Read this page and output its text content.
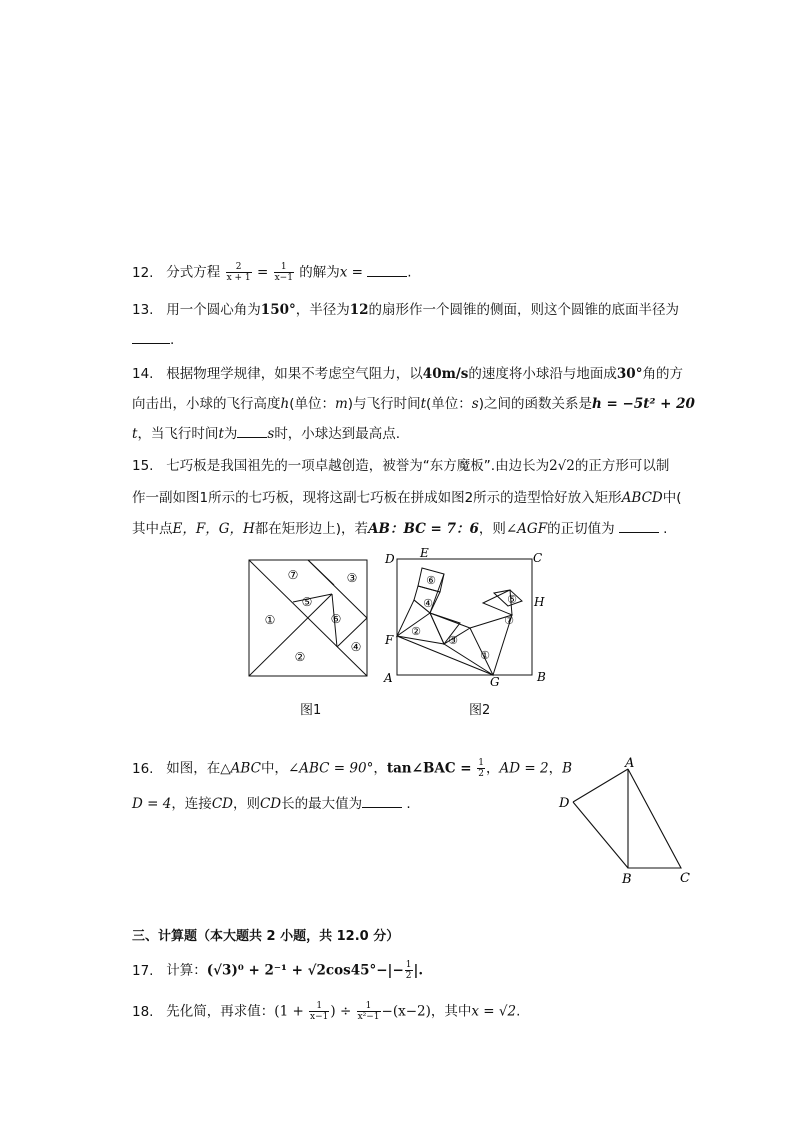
12. 分式方程 $\frac{2}{x + 1} = \frac{1}{x-1}$ 的解为x =	.
13. 用一个圆心角为150°，半径为12的扇形作一个圆锥的侧面，则这个圆锥的底面半径为
.
14. 根据物理学规律，如果不考虑空气阻力，以40m/s的速度将小球沿与地面成30°角的方
向击出，小球的飞行高度h(单位：m)与飞行时间t(单位：s)之间的函数关系是h = −5t² + 20
t，当飞行时间t为 s时，小球达到最高点.
15. 七巧板是我国祖先的一项卓越创造，被誉为“东方魔板”.由边长为2√2的正方形可以制
作一副如图1所示的七巧板，现将这副七巧板在拼成如图2所示的造型恰好放入矩形ABCD中(
其中点E，F，G，H都在矩形边上)，若AB：BC = 7：6，则∠AGF的正切值为	.
⑦	③
⑤
①	⑥
②
④
图1
⑥
④	⑤
⑦
②
③
①
D E	C
H
F
A	G	B
图2
16. 如图，在△ABC中，∠ABC = 90°，tan∠BAC = $\frac{1}{2}$ ，AD = 2，B
D = 4，连接CD，则CD长的最大值为	.
A
D
B	C
三、计算题（本大题共 2 小题，共 12.0 分）
17. 计算：$(√3)^0 + 2^{-1} + √2\cos 45^\circ-|- \frac{1}{2}$ |.
18. 先化简，再求值：($1 + \frac{1}{x-1}$ ) ÷ $\frac{1}{\text{x²−1}} -(x-2)$，其中x = √2.
